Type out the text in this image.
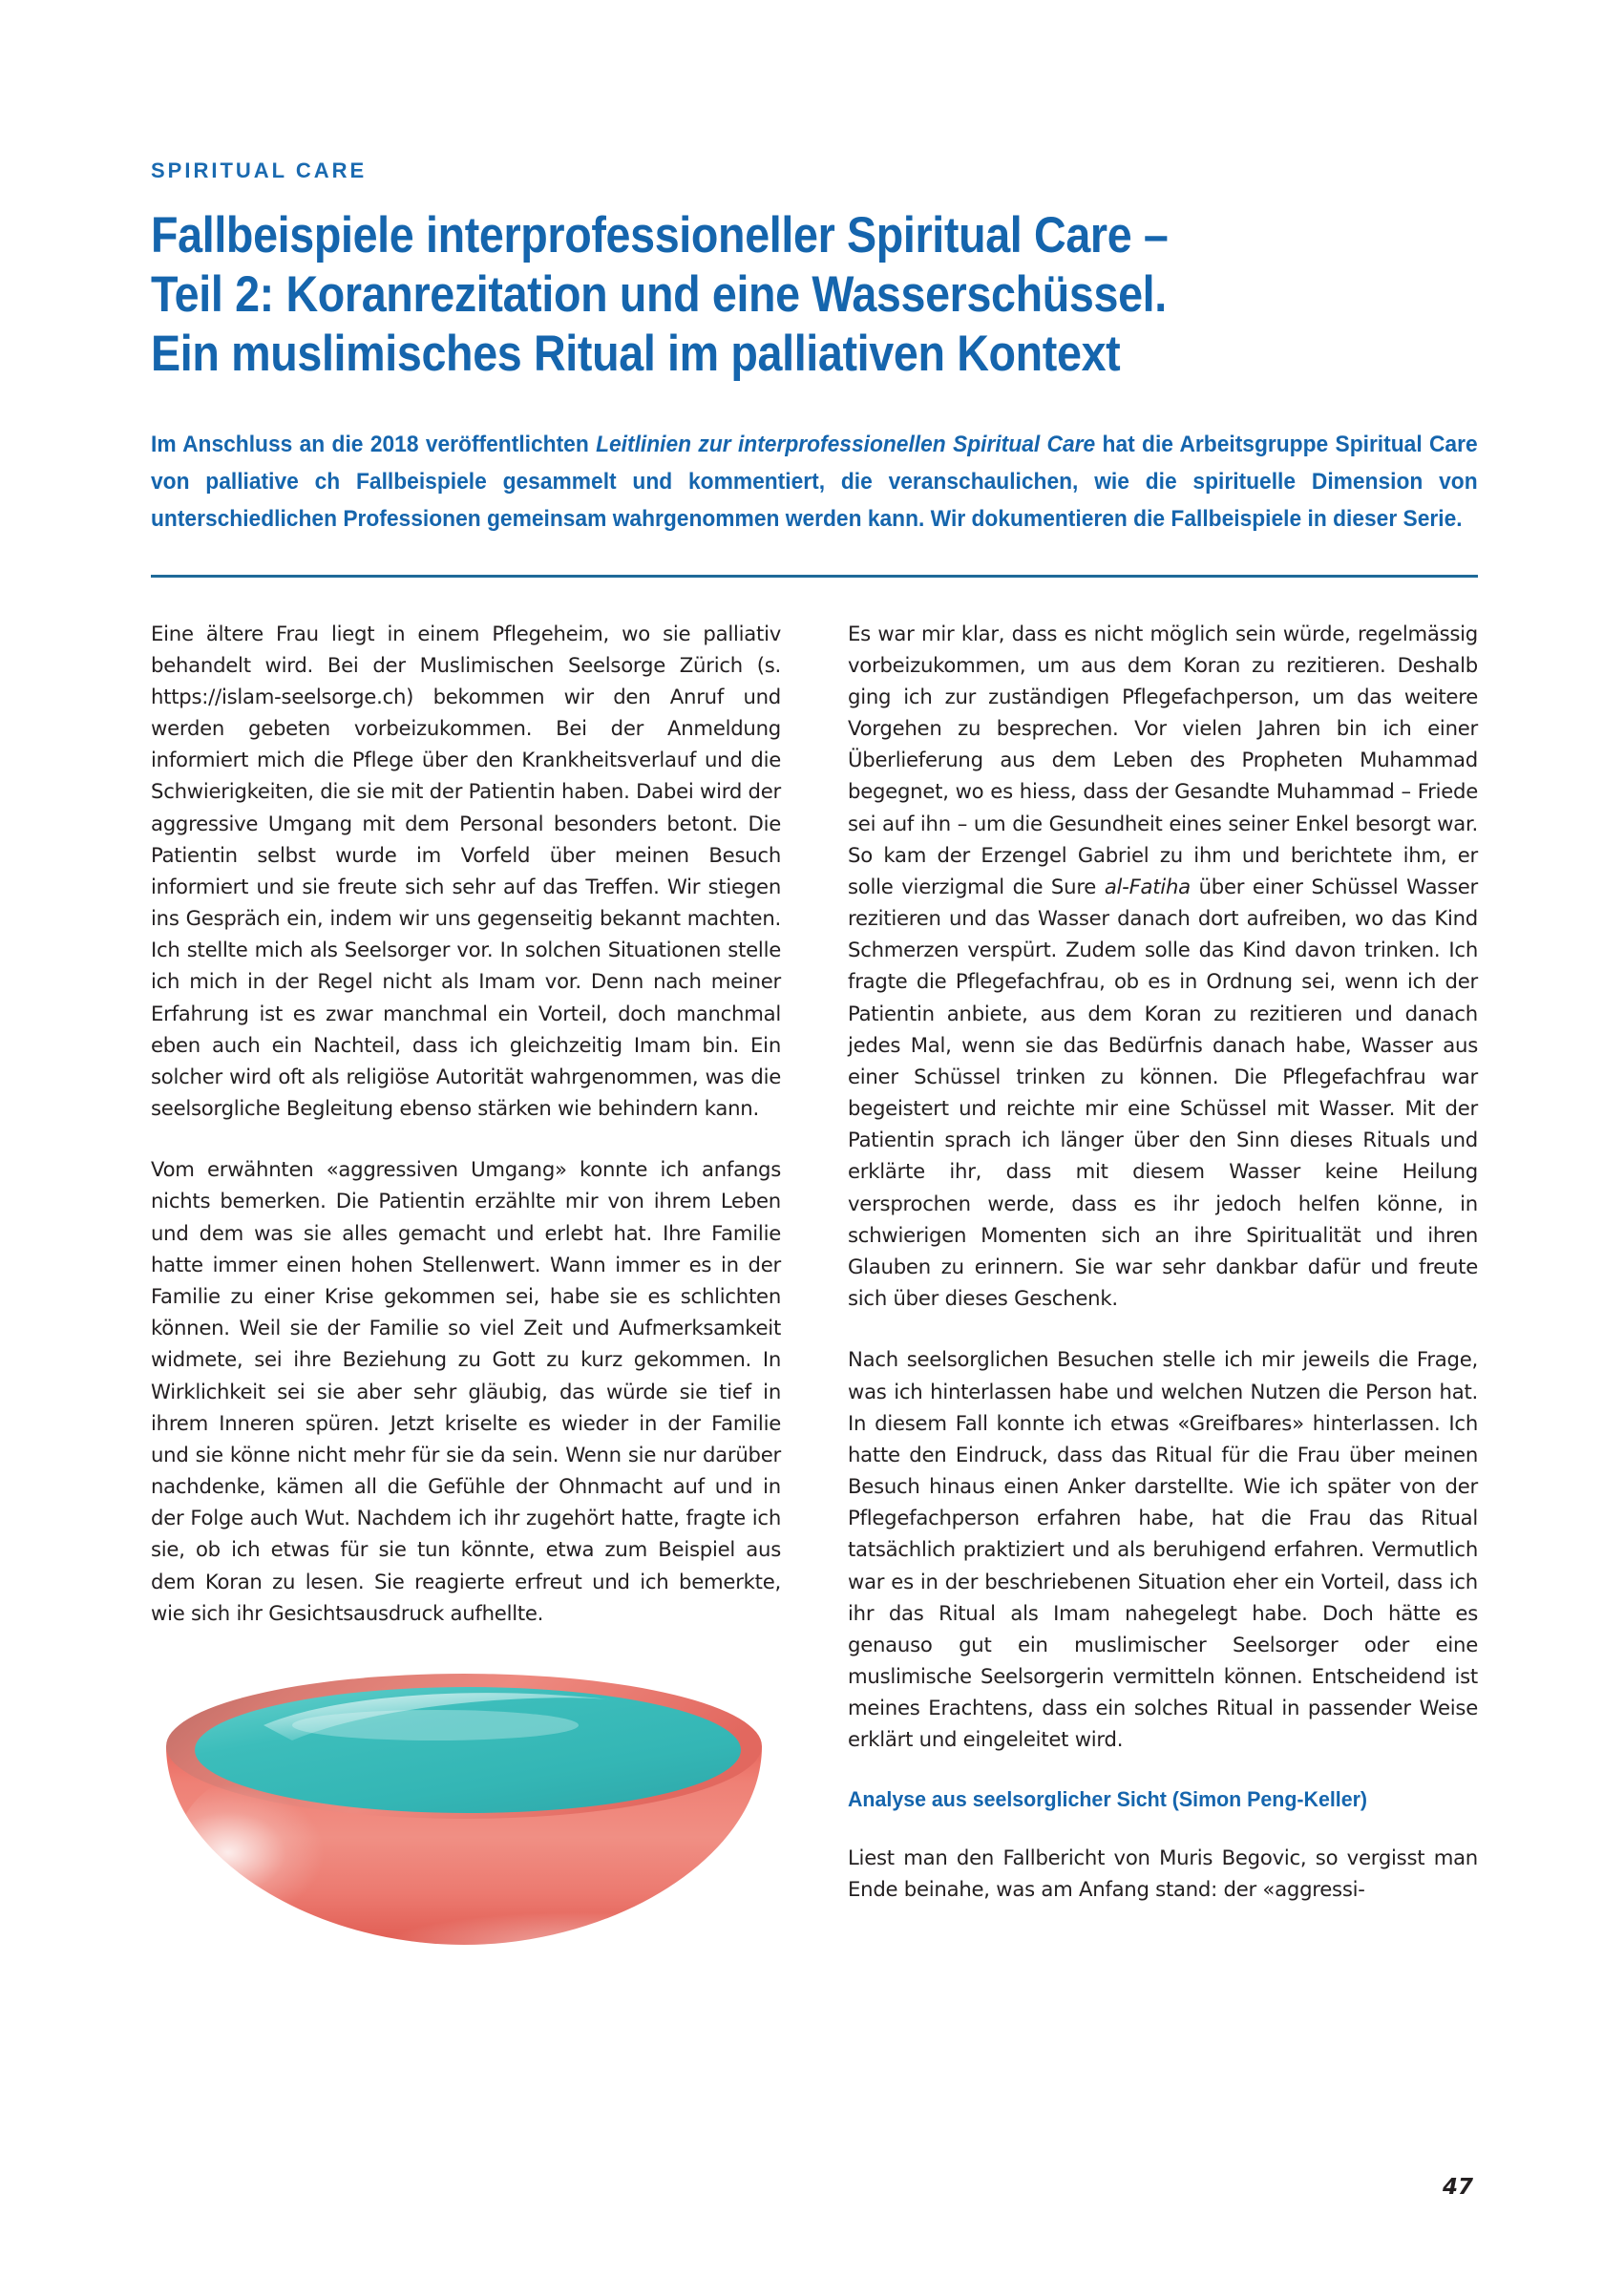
SPIRITUAL CARE
Fallbeispiele interprofessioneller Spiritual Care –
Teil 2: Koranrezitation und eine Wasserschüssel.
Ein muslimisches Ritual im palliativen Kontext

Im Anschluss an die 2018 veröffentlichten Leitlinien zur interprofessionellen Spiritual Care hat die Arbeitsgruppe Spiritual Care von palliative ch Fallbeispiele gesammelt und kommentiert, die veranschaulichen, wie die spirituelle Dimension von unterschiedlichen Professionen gemeinsam wahrgenommen werden kann. Wir dokumentieren die Fallbeispiele in dieser Serie.

Eine ältere Frau liegt in einem Pflegeheim, wo sie palliativ behandelt wird. Bei der Muslimischen Seelsorge Zürich (s. https://islam-seelsorge.ch) bekommen wir den Anruf und werden gebeten vorbeizukommen. Bei der Anmeldung informiert mich die Pflege über den Krankheitsverlauf und die Schwierigkeiten, die sie mit der Patientin haben. Dabei wird der aggressive Umgang mit dem Personal besonders betont. Die Patientin selbst wurde im Vorfeld über meinen Besuch informiert und sie freute sich sehr auf das Treffen. Wir stiegen ins Gespräch ein, indem wir uns gegenseitig bekannt machten. Ich stellte mich als Seelsorger vor. In solchen Situationen stelle ich mich in der Regel nicht als Imam vor. Denn nach meiner Erfahrung ist es zwar manchmal ein Vorteil, doch manchmal eben auch ein Nachteil, dass ich gleichzeitig Imam bin. Ein solcher wird oft als religiöse Autorität wahrgenommen, was die seelsorgliche Begleitung ebenso stärken wie behindern kann.

Vom erwähnten «aggressiven Umgang» konnte ich anfangs nichts bemerken. Die Patientin erzählte mir von ihrem Leben und dem was sie alles gemacht und erlebt hat. Ihre Familie hatte immer einen hohen Stellenwert. Wann immer es in der Familie zu einer Krise gekommen sei, habe sie es schlichten können. Weil sie der Familie so viel Zeit und Aufmerksamkeit widmete, sei ihre Beziehung zu Gott zu kurz gekommen. In Wirklichkeit sei sie aber sehr gläubig, das würde sie tief in ihrem Inneren spüren. Jetzt kriselte es wieder in der Familie und sie könne nicht mehr für sie da sein. Wenn sie nur darüber nachdenke, kämen all die Gefühle der Ohnmacht auf und in der Folge auch Wut. Nachdem ich ihr zugehört hatte, fragte ich sie, ob ich etwas für sie tun könnte, etwa zum Beispiel aus dem Koran zu lesen. Sie reagierte erfreut und ich bemerkte, wie sich ihr Gesichtsausdruck aufhellte.

Es war mir klar, dass es nicht möglich sein würde, regelmässig vorbeizukommen, um aus dem Koran zu rezitieren. Deshalb ging ich zur zuständigen Pflegefachperson, um das weitere Vorgehen zu besprechen. Vor vielen Jahren bin ich einer Überlieferung aus dem Leben des Propheten Muhammad begegnet, wo es hiess, dass der Gesandte Muhammad – Friede sei auf ihn – um die Gesundheit eines seiner Enkel besorgt war. So kam der Erzengel Gabriel zu ihm und berichtete ihm, er solle vierzigmal die Sure al-Fatiha über einer Schüssel Wasser rezitieren und das Wasser danach dort aufreiben, wo das Kind Schmerzen verspürt. Zudem solle das Kind davon trinken. Ich fragte die Pflegefachfrau, ob es in Ordnung sei, wenn ich der Patientin anbiete, aus dem Koran zu rezitieren und danach jedes Mal, wenn sie das Bedürfnis danach habe, Wasser aus einer Schüssel trinken zu können. Die Pflegefachfrau war begeistert und reichte mir eine Schüssel mit Wasser. Mit der Patientin sprach ich länger über den Sinn dieses Rituals und erklärte ihr, dass mit diesem Wasser keine Heilung versprochen werde, dass es ihr jedoch helfen könne, in schwierigen Momenten sich an ihre Spiritualität und ihren Glauben zu erinnern. Sie war sehr dankbar dafür und freute sich über dieses Geschenk.

Nach seelsorglichen Besuchen stelle ich mir jeweils die Frage, was ich hinterlassen habe und welchen Nutzen die Person hat. In diesem Fall konnte ich etwas «Greifbares» hinterlassen. Ich hatte den Eindruck, dass das Ritual für die Frau über meinen Besuch hinaus einen Anker darstellte. Wie ich später von der Pflegefachperson erfahren habe, hat die Frau das Ritual tatsächlich praktiziert und als beruhigend erfahren. Vermutlich war es in der beschriebenen Situation eher ein Vorteil, dass ich ihr das Ritual als Imam nahegelegt habe. Doch hätte es genauso gut ein muslimischer Seelsorger oder eine muslimische Seelsorgerin vermitteln können. Entscheidend ist meines Erachtens, dass ein solches Ritual in passender Weise erklärt und eingeleitet wird.

Analyse aus seelsorglicher Sicht (Simon Peng-Keller)

Liest man den Fallbericht von Muris Begovic, so vergisst man Ende beinahe, was am Anfang stand: der «aggressi-

47
